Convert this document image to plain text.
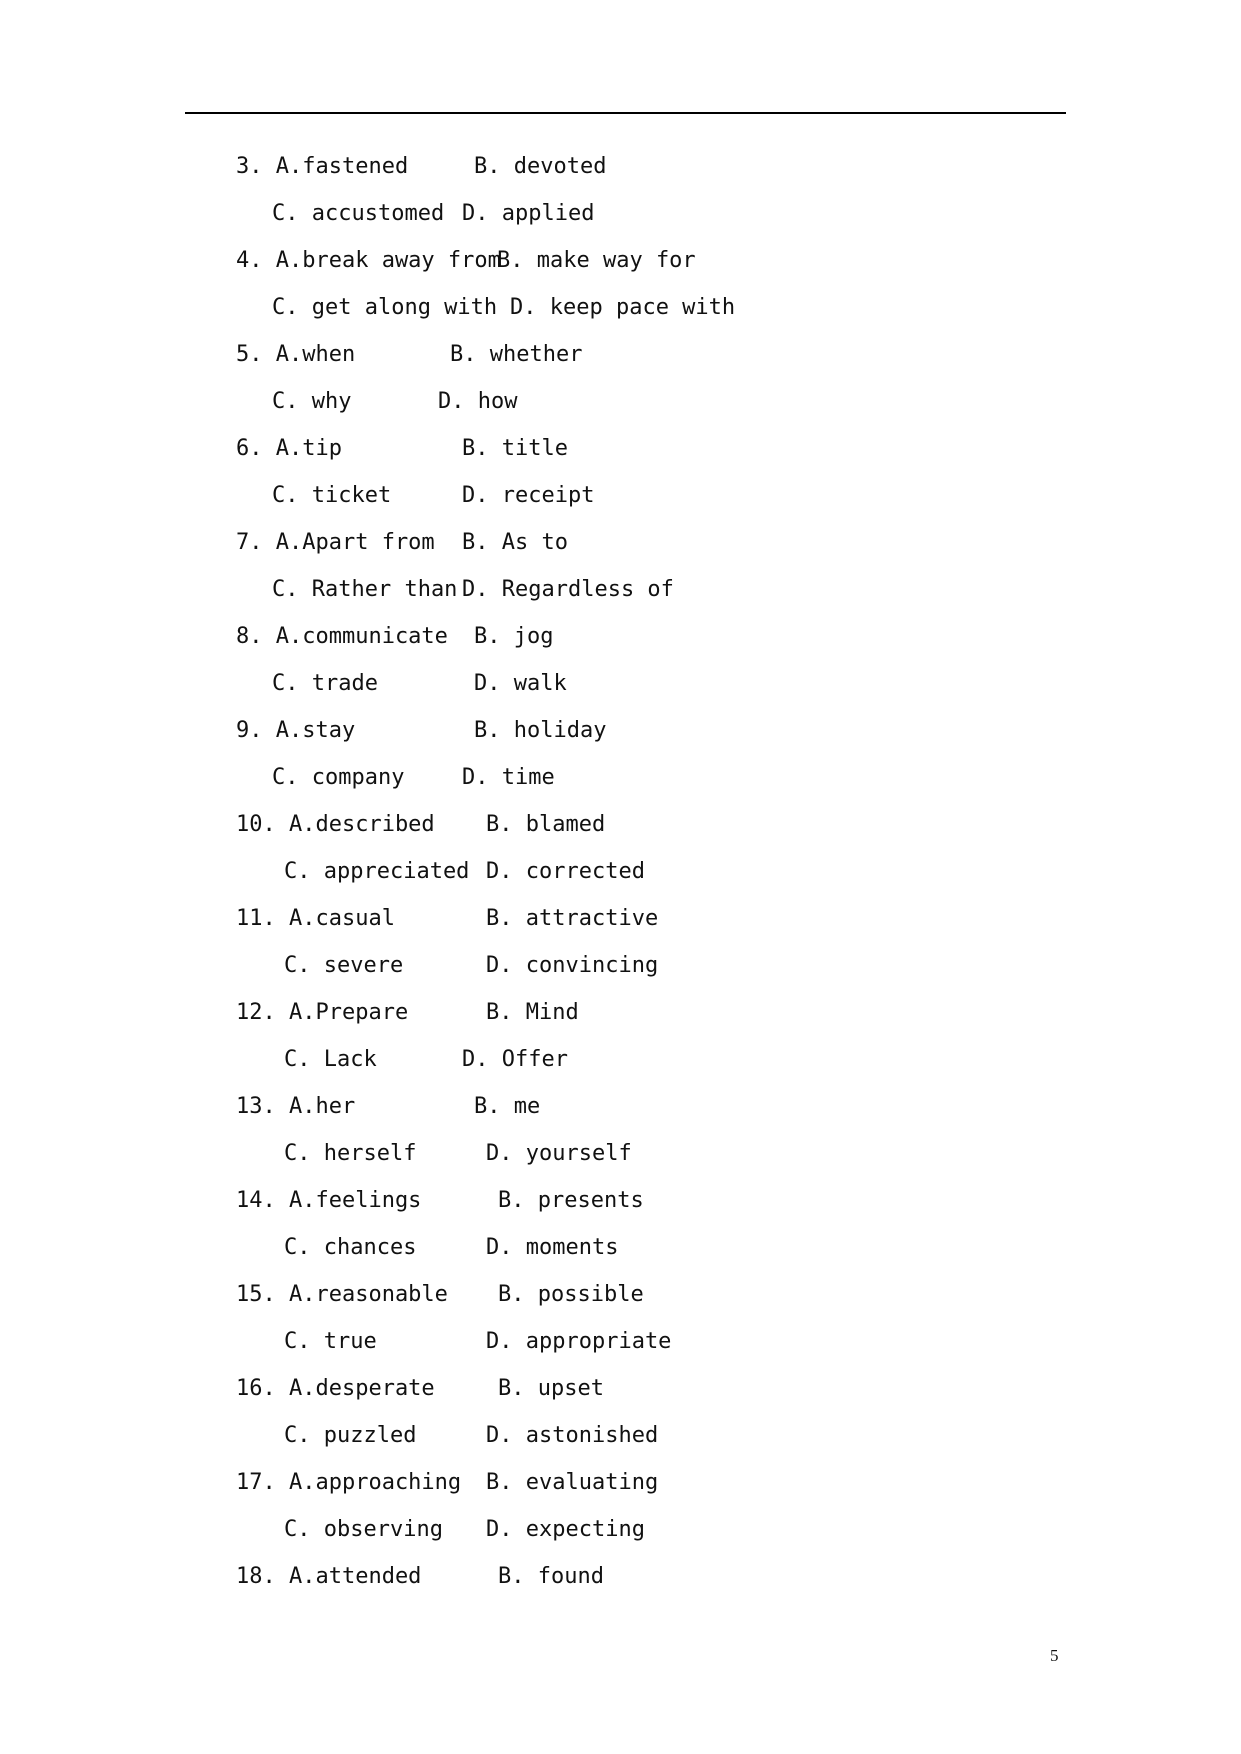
3. A.fastened

	B. devoted

C. accustomed

D. applied

4. A.break away from

B. make way for

C. get along with

D. keep pace with

5. A.when

	B. whether

C. why

	D. how

6. A.tip

	B. title

C. ticket

	D. receipt

7. A.Apart from

B. As to

C. Rather than

D. Regardless of

8. A.communicate

B. jog

C. trade

	D. walk

9. A.stay

	B. holiday

C. company

	D. time

10. A.described

B. blamed

C. appreciated

D. corrected

11. A.casual

	B. attractive

C. severe

	D. convincing

12. A.Prepare

	B. Mind

C. Lack

	D. Offer

13. A.her

	B. me

C. herself

	D. yourself

14. A.feelings

	B. presents

C. chances

	D. moments

15. A.reasonable

B. possible

C. true

	D. appropriate

16. A.desperate

	B. upset

C. puzzled

	D. astonished

17. A.approaching

B. evaluating

C. observing

D. expecting

18. A.attended

	B. found

5
